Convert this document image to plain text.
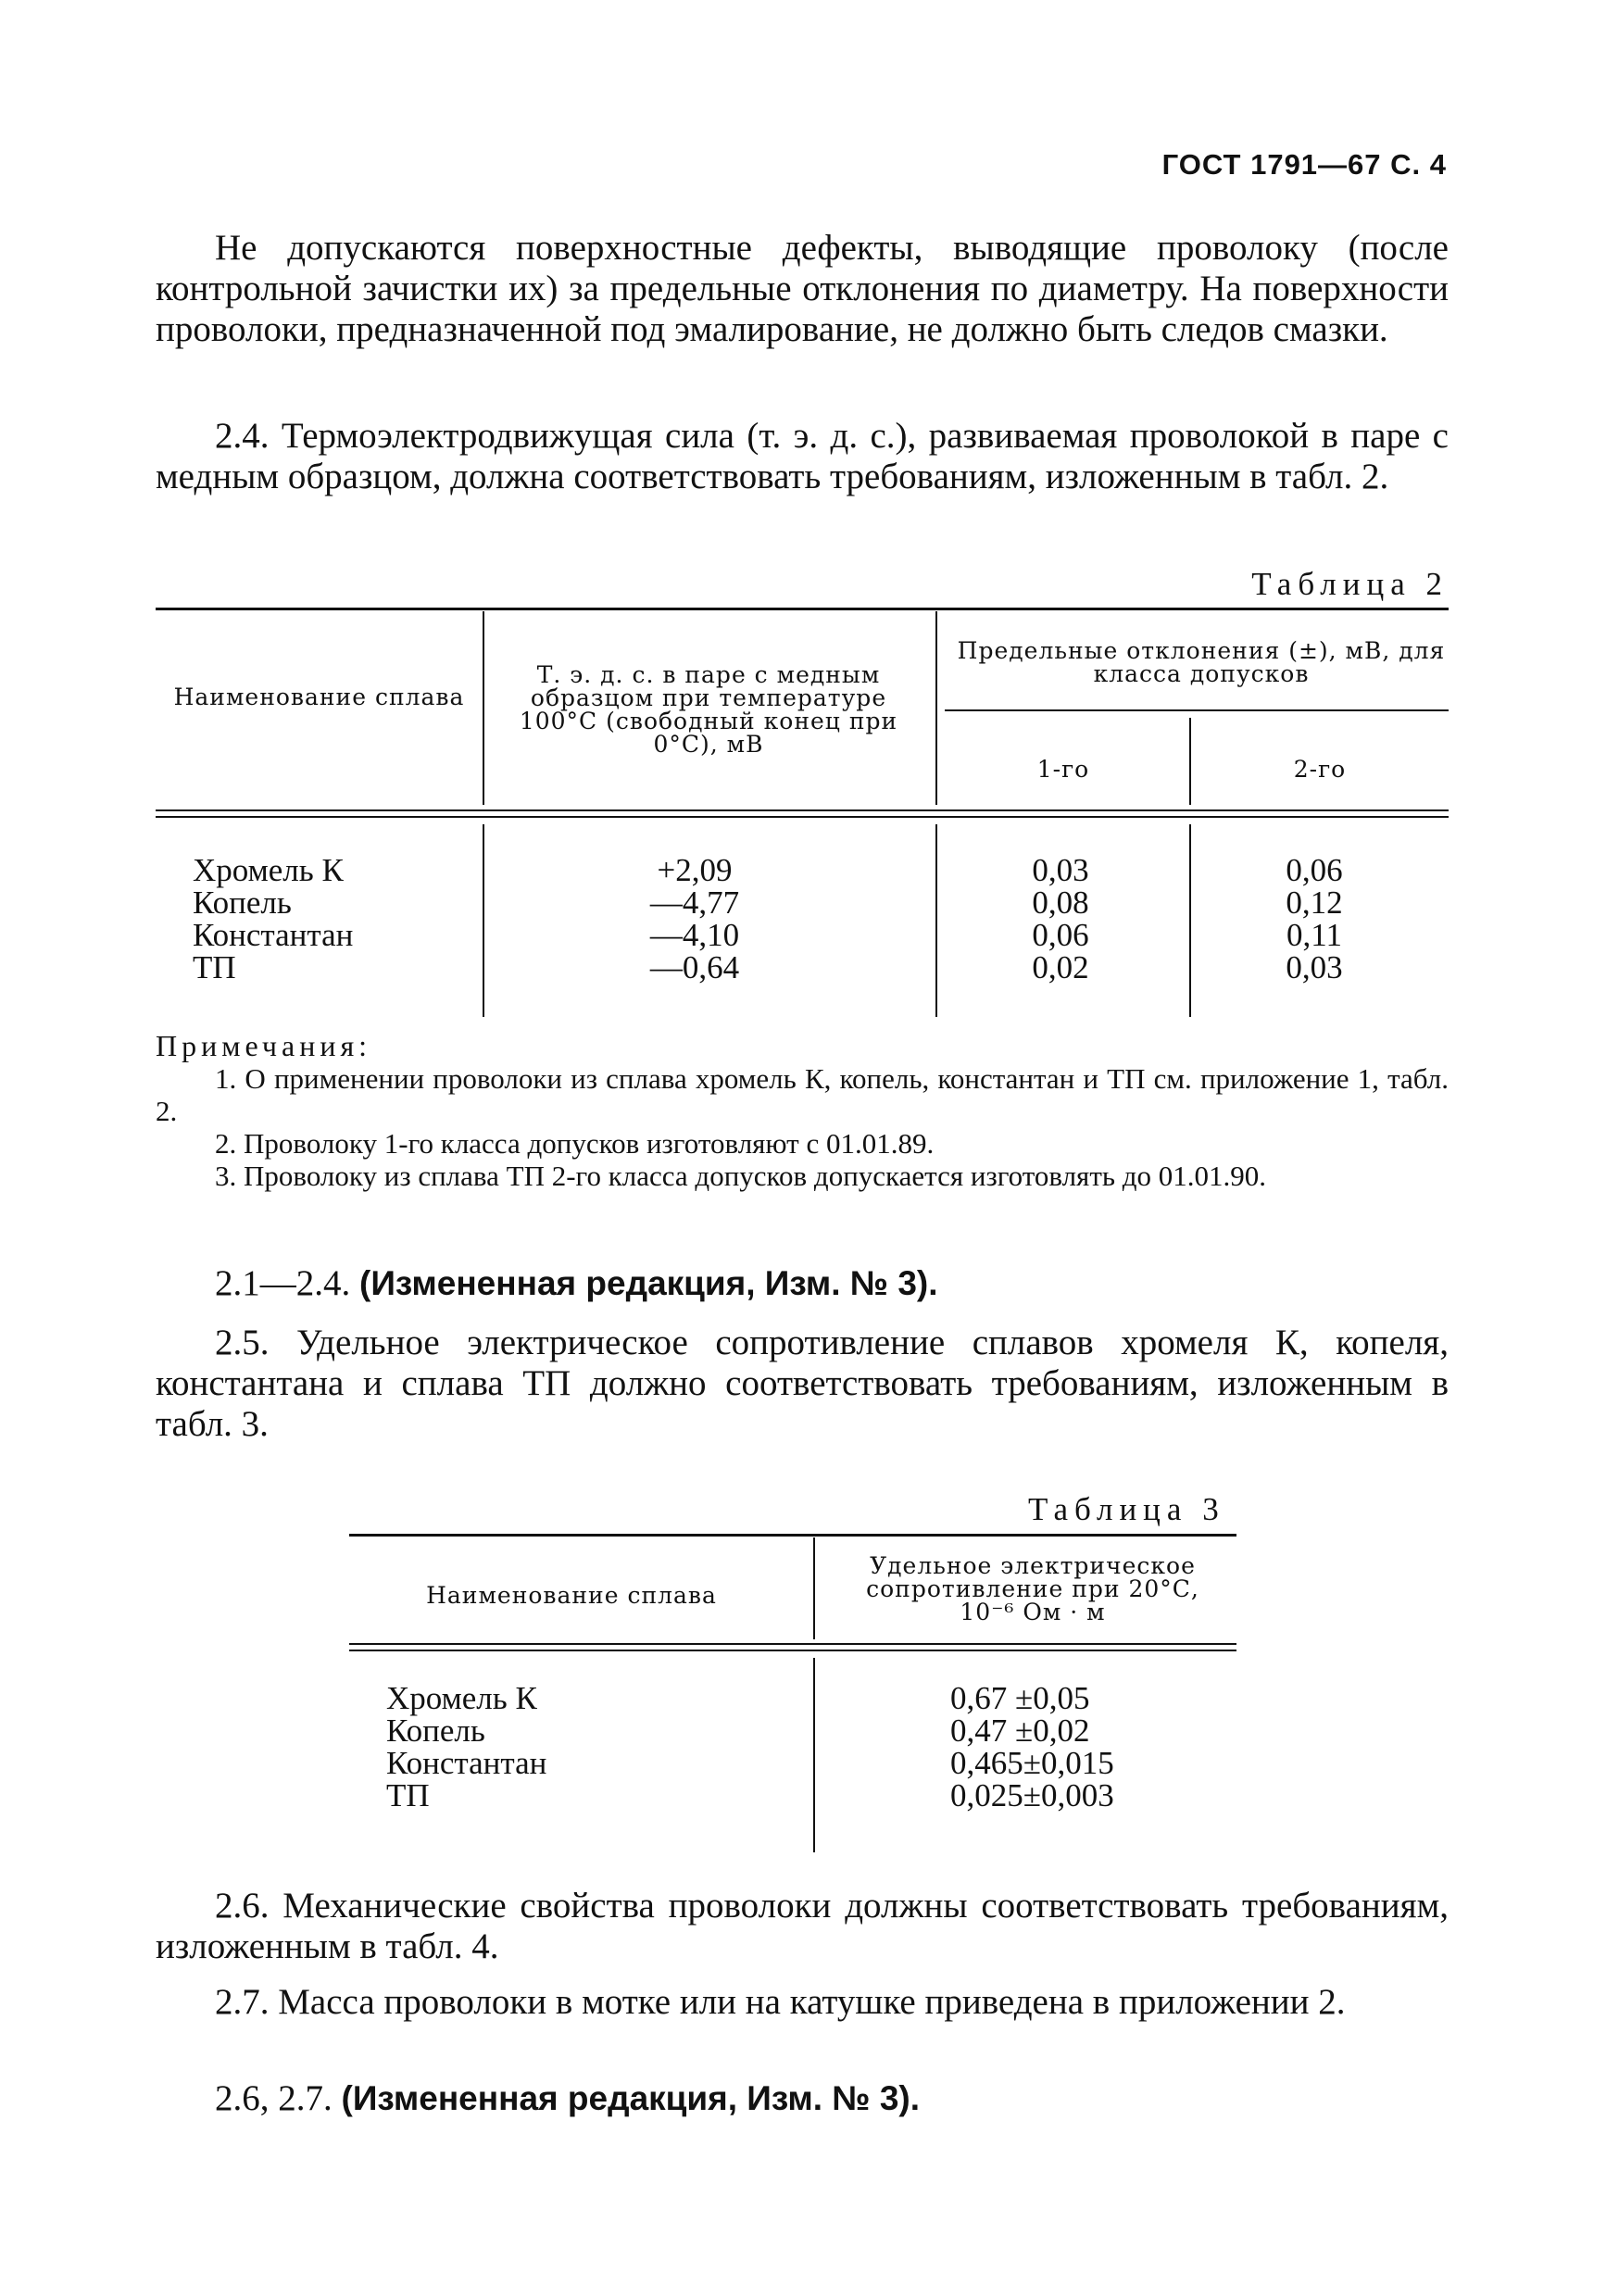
ГОСТ 1791—67 С. 4
Не допускаются поверхностные дефекты, выводящие проволоку (после контрольной зачистки их) за предельные отклонения по диаметру. На поверхности проволоки, предназначенной под эмалирование, не должно быть следов смазки.
2.4. Термоэлектродвижущая сила (т. э. д. с.), развиваемая проволокой в паре с медным образцом, должна соответствовать требованиям, изложенным в табл. 2.
Таблица 2
Наименование сплава
Т. э. д. с. в паре с медным образцом при температуре 100°С (свободный конец при 0°С), мВ
Предельные отклонения (±), мВ, для класса допусков
1-го	2-го
Хромель К	+2,09	0,03	0,06
Копель	—4,77	0,08	0,12
Константан	—4,10	0,06	0,11
ТП	—0,64	0,02	0,03
Примечания:
1. О применении проволоки из сплава хромель К, копель, константан и ТП см. приложение 1, табл. 2.
2. Проволоку 1-го класса допусков изготовляют с 01.01.89.
3. Проволоку из сплава ТП 2-го класса допусков допускается изготовлять до 01.01.90.
2.1—2.4. (Измененная редакция, Изм. № 3).
2.5. Удельное электрическое сопротивление сплавов хромеля К, копеля, константана и сплава ТП должно соответствовать требованиям, изложенным в табл. 3.
Таблица 3
Наименование сплава
Удельное электрическое сопротивление при 20°С, 10⁻⁶ Ом · м
Хромель К	0,67 ±0,05
Копель	0,47 ±0,02
Константан	0,465±0,015
ТП	0,025±0,003
2.6. Механические свойства проволоки должны соответствовать требованиям, изложенным в табл. 4.
2.7. Масса проволоки в мотке или на катушке приведена в приложении 2.
2.6, 2.7. (Измененная редакция, Изм. № 3).
